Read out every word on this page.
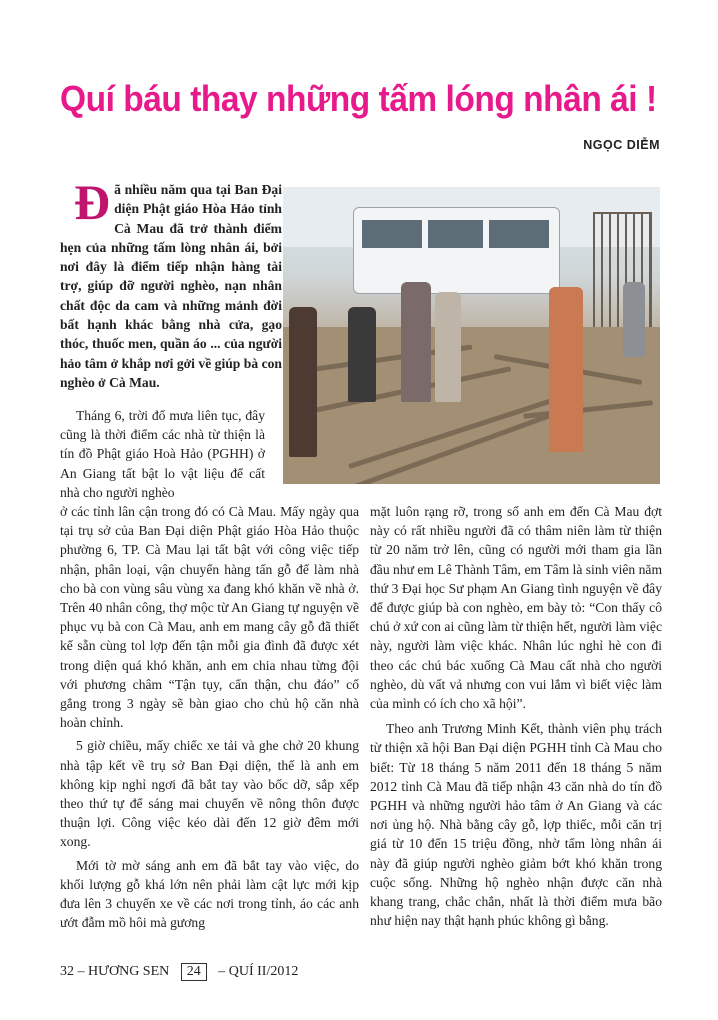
Quí báu thay những tấm lóng nhân ái !
NGỌC DIỄM
Đã nhiều năm qua tại Ban Đại diện Phật giáo Hòa Hảo tỉnh Cà Mau đã trở thành điểm hẹn của những tấm lòng nhân ái, bởi nơi đây là điểm tiếp nhận hàng tài trợ, giúp đỡ người nghèo, nạn nhân chất độc da cam và những mảnh đời bất hạnh khác bằng nhà cửa, gạo thóc, thuốc men, quần áo ... của người hảo tâm ở khắp nơi gởi về giúp bà con nghèo ở Cà Mau.

Tháng 6, trời đổ mưa liên tục, đây cũng là thời điểm các nhà từ thiện là tín đồ Phật giáo Hoà Hảo (PGHH) ở An Giang tất bật lo vật liệu để cất nhà cho người nghèo

ở các tỉnh lân cận trong đó có Cà Mau. Mấy ngày qua tại trụ sở của Ban Đại diện Phật giáo Hòa Hảo thuộc phường 6, TP. Cà Mau lại tất bật với công việc tiếp nhận, phân loại, vận chuyển hàng tấn gỗ để làm nhà cho bà con vùng sâu vùng xa đang khó khăn về nhà ở. Trên 40 nhân công, thợ mộc từ An Giang tự nguyện về phục vụ bà con Cà Mau, anh em mang cây gỗ đã thiết kế sẵn cùng tol lợp đến tận mỗi gia đình đã được xét trong diện quá khó khăn, anh em chia nhau từng đội với phương châm “Tận tụy, cẩn thận, chu đáo” cố gắng trong 3 ngày sẽ bàn giao cho chủ hộ căn nhà hoàn chỉnh.

5 giờ chiều, mấy chiếc xe tải và ghe chở 20 khung nhà tập kết về trụ sở Ban Đại diện, thế là anh em không kịp nghỉ ngơi đã bắt tay vào bốc dỡ, sắp xếp theo thứ tự để sáng mai chuyển về nông thôn được thuận lợi. Công việc kéo dài đến 12 giờ đêm mới xong.

Mới tờ mờ sáng anh em đã bắt tay vào việc, do khối lượng gỗ khá lớn nên phải làm cật lực mới kịp đưa lên 3 chuyến xe về các nơi trong tỉnh, áo các anh ướt đẫm mồ hôi mà gương

mặt luôn rạng rỡ, trong số anh em đến Cà Mau đợt này có rất nhiều người đã có thâm niên làm từ thiện từ 20 năm trở lên, cũng có người mới tham gia lần đầu như em Lê Thành Tâm, em Tâm là sinh viên năm thứ 3 Đại học Sư phạm An Giang tình nguyện về đây để được giúp bà con nghèo, em bày tỏ: “Con thấy cô chú ở xứ con ai cũng làm từ thiện hết, người làm việc này, người làm việc khác. Nhân lúc nghỉ hè con đi theo các chú bác xuống Cà Mau cất nhà cho người nghèo, dù vất vả nhưng con vui lắm vì biết việc làm của mình có ích cho xã hội”.

Theo anh Trương Minh Kết, thành viên phụ trách từ thiện xã hội Ban Đại diện PGHH tỉnh Cà Mau cho biết: Từ 18 tháng 5 năm 2011 đến 18 tháng 5 năm 2012 tỉnh Cà Mau đã tiếp nhận 43 căn nhà do tín đồ PGHH và những người hảo tâm ở An Giang và các nơi ủng hộ. Nhà bằng cây gỗ, lợp thiếc, mỗi căn trị giá từ 10 đến 15 triệu đồng, nhờ tấm lòng nhân ái này đã giúp người nghèo giảm bớt khó khăn trong cuộc sống. Những hộ nghèo nhận được căn nhà khang trang, chắc chắn, nhất là thời điểm mưa bão như hiện nay thật hạnh phúc không gì bằng.

32 – HƯƠNG SEN 24 – QUÍ II/2012
